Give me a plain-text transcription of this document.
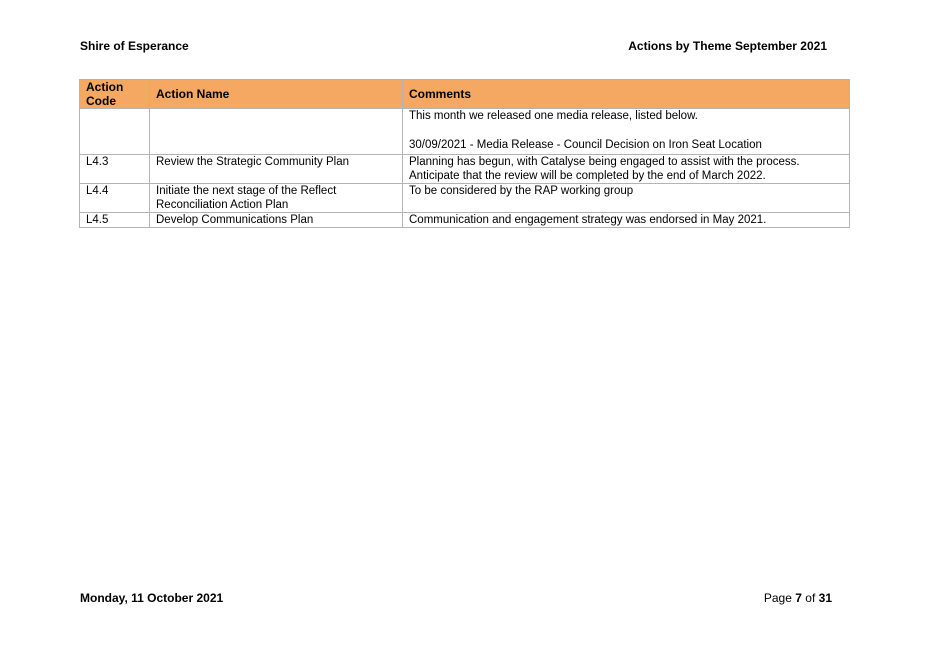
Shire of Esperance	Actions by Theme September 2021
Action Code	Action Name	Comments

		This month we released one media release, listed below.

30/09/2021 - Media Release - Council Decision on Iron Seat Location

L4.3	Review the Strategic Community Plan	Planning has begun, with Catalyse being engaged to assist with the process. Anticipate that the review will be completed by the end of March 2022.
L4.4	Initiate the next stage of the Reflect Reconciliation Action Plan	To be considered by the RAP working group
L4.5	Develop Communications Plan	Communication and engagement strategy was endorsed in May 2021.
Monday, 11 October 2021	Page 7 of 31
